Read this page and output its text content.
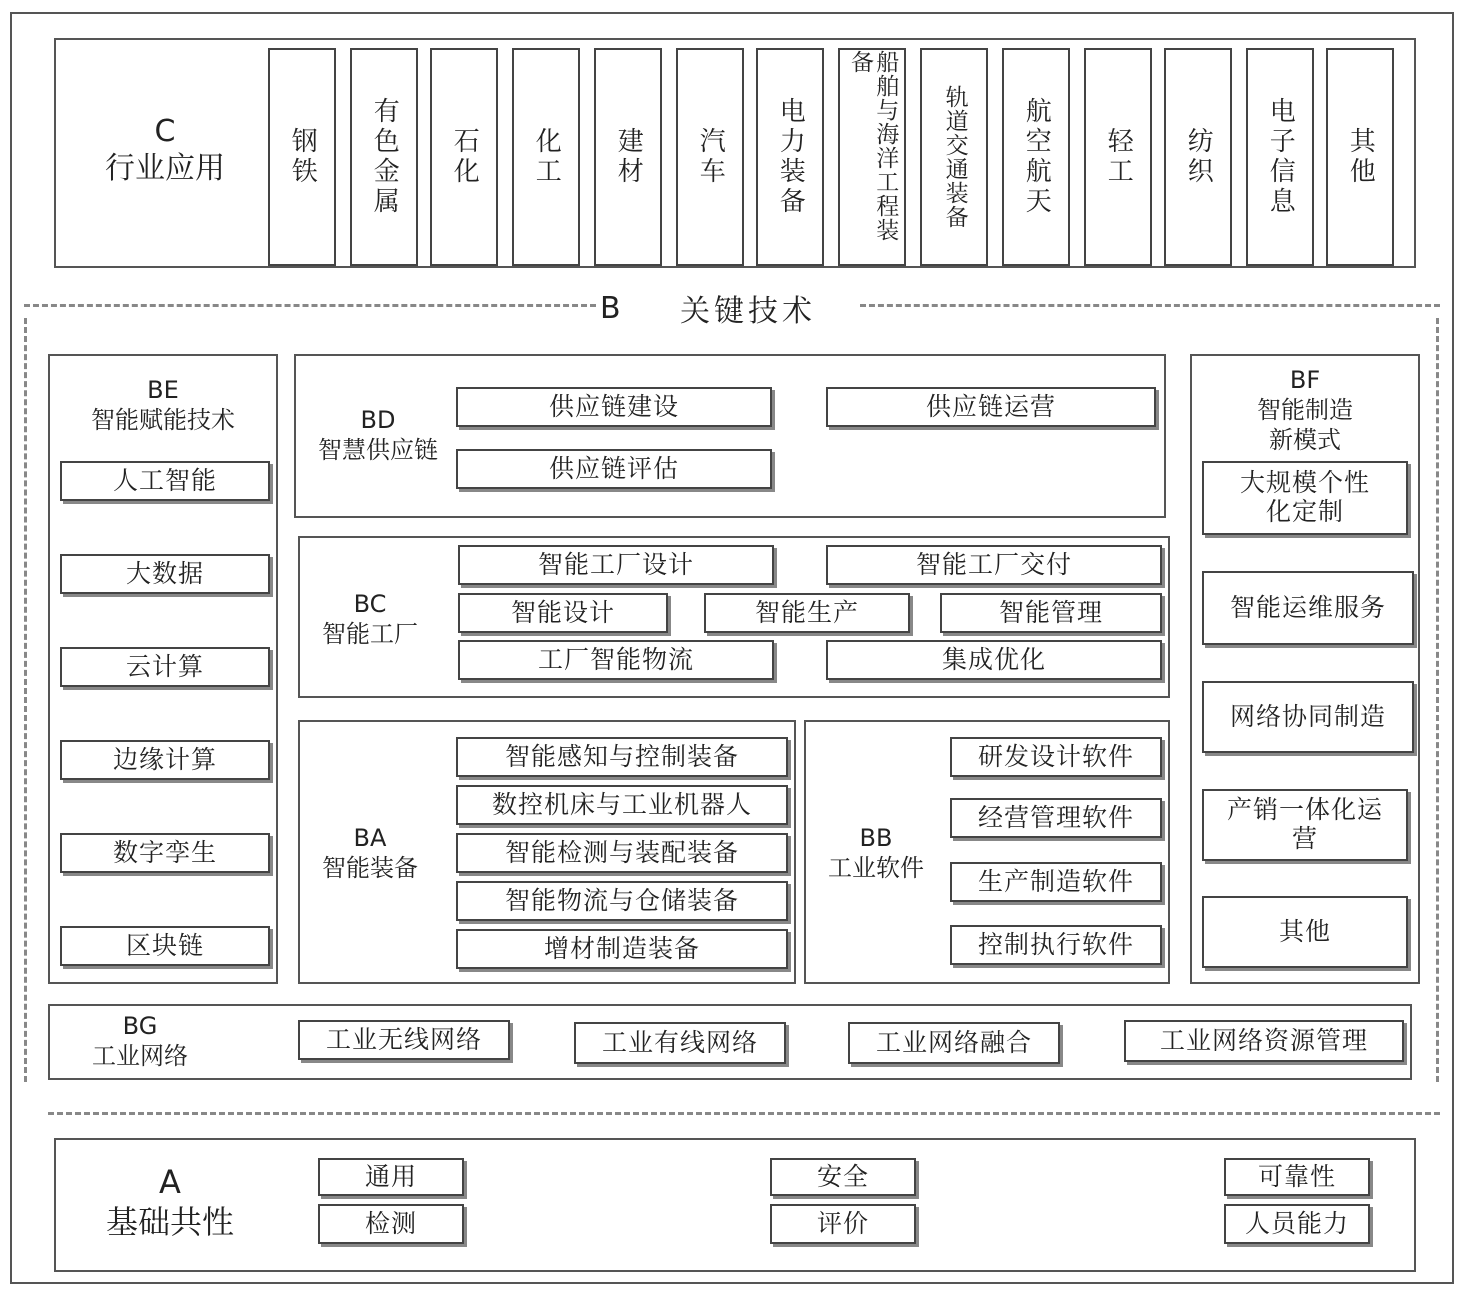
C
行业应用 钢铁 有色金属 石化 化工 建材 汽车 电力装备	船舶与海洋工程装备
轨道交通装备 航空航天 轻工 纺织 电子信息 其他
B	关键技术
BE
智能赋能技术
人工智能
大数据
云计算
边缘计算
数字孪生
区块链
BD
智慧供应链
供应链建设	供应链运营
供应链评估
BC
智能工厂
智能工厂设计	智能工厂交付
智能设计	智能生产	智能管理
工厂智能物流	集成优化
BA
智能装备
智能感知与控制装备
数控机床与工业机器人
智能检测与装配装备
智能物流与仓储装备
增材制造装备
BB
工业软件
研发设计软件
经营管理软件
生产制造软件
控制执行软件
BF
智能制造
新模式
大规模个性化定制
智能运维服务
网络协同制造
产销一体化运营
其他
BG
工业网络
工业无线网络	工业有线网络	工业网络融合	工业网络资源管理
A
基础共性
通用
检测
安全
评价
可靠性
人员能力
